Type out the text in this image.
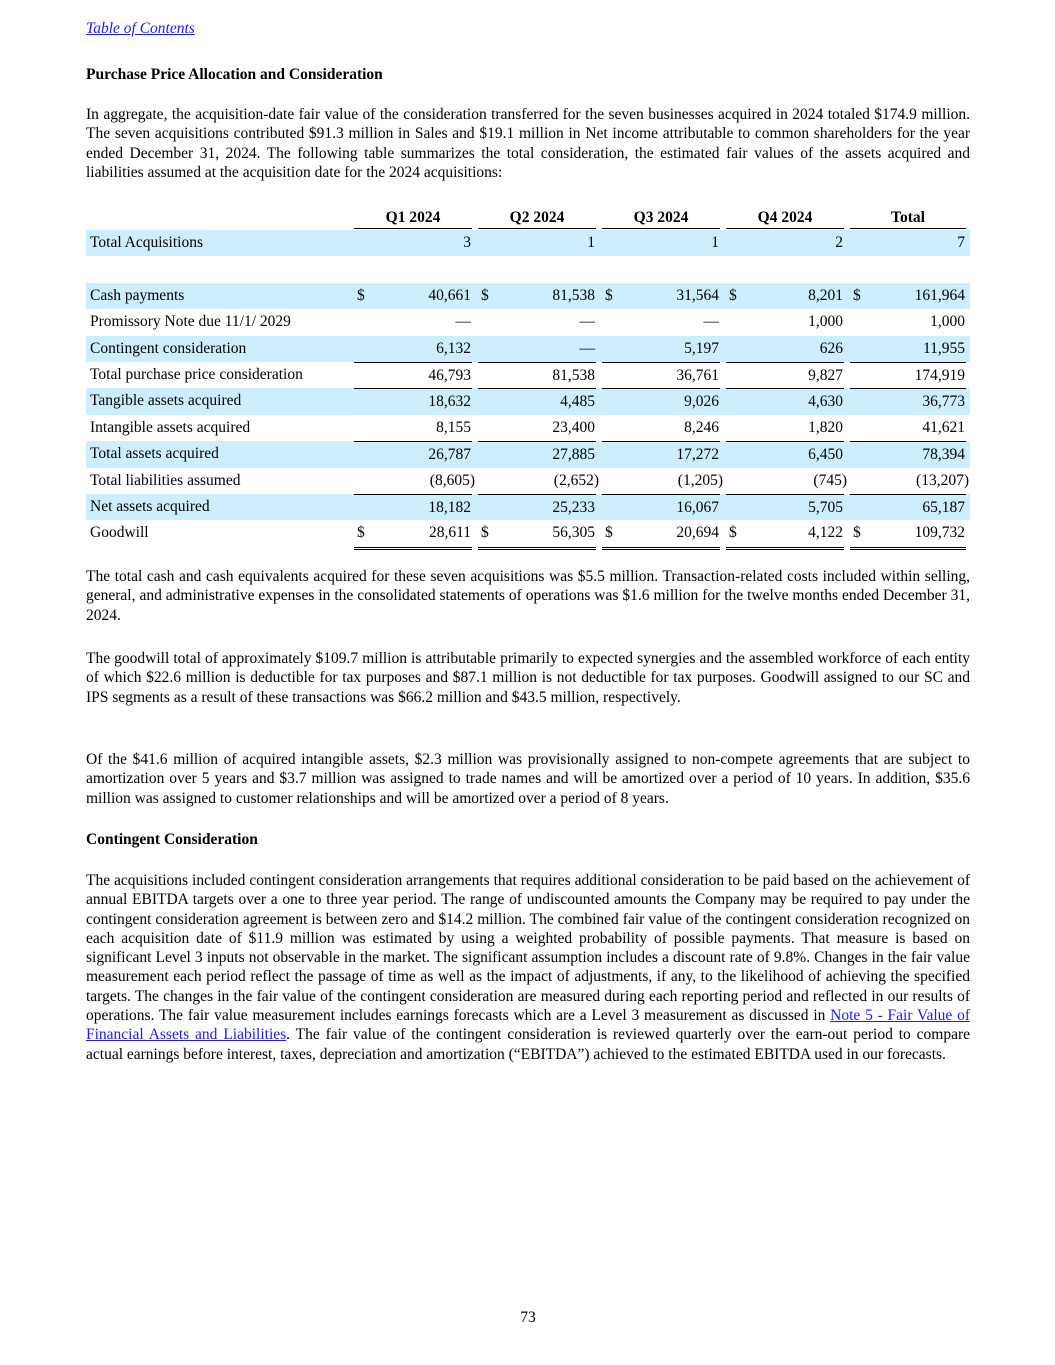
Table of Contents
Purchase Price Allocation and Consideration
In aggregate, the acquisition-date fair value of the consideration transferred for the seven businesses acquired in 2024 totaled $174.9 million. The seven acquisitions contributed $91.3 million in Sales and $19.1 million in Net income attributable to common shareholders for the year ended December 31, 2024. The following table summarizes the total consideration, the estimated fair values of the assets acquired and liabilities assumed at the acquisition date for the 2024 acquisitions:
Q1 2024	Q2 2024	Q3 2024	Q4 2024	Total
Total Acquisitions	3	1	1	2	7
Cash payments	$	40,661 $	81,538 $	31,564 $	8,201 $	161,964
Promissory Note due 11/1/ 2029	—	—	—	1,000	1,000
Contingent consideration	6,132	—	5,197	626	11,955
Total purchase price consideration	46,793	81,538	36,761	9,827	174,919
Tangible assets acquired	18,632	4,485	9,026	4,630	36,773
Intangible assets acquired	8,155	23,400	8,246	1,820	41,621
Total assets acquired	26,787	27,885	17,272	6,450	78,394
Total liabilities assumed	(8,605)	(2,652)	(1,205)	(745)	(13,207)
Net assets acquired	18,182	25,233	16,067	5,705	65,187
Goodwill	$	28,611 $	56,305 $	20,694 $	4,122 $	109,732
The total cash and cash equivalents acquired for these seven acquisitions was $5.5 million. Transaction-related costs included within selling, general, and administrative expenses in the consolidated statements of operations was $1.6 million for the twelve months ended December 31, 2024.
The goodwill total of approximately $109.7 million is attributable primarily to expected synergies and the assembled workforce of each entity of which $22.6 million is deductible for tax purposes and $87.1 million is not deductible for tax purposes. Goodwill assigned to our SC and IPS segments as a result of these transactions was $66.2 million and $43.5 million, respectively.
Of the $41.6 million of acquired intangible assets, $2.3 million was provisionally assigned to non-compete agreements that are subject to amortization over 5 years and $3.7 million was assigned to trade names and will be amortized over a period of 10 years. In addition, $35.6 million was assigned to customer relationships and will be amortized over a period of 8 years.
Contingent Consideration
The acquisitions included contingent consideration arrangements that requires additional consideration to be paid based on the achievement of annual EBITDA targets over a one to three year period. The range of undiscounted amounts the Company may be required to pay under the contingent consideration agreement is between zero and $14.2 million. The combined fair value of the contingent consideration recognized on each acquisition date of $11.9 million was estimated by using a weighted probability of possible payments. That measure is based on significant Level 3 inputs not observable in the market. The significant assumption includes a discount rate of 9.8%. Changes in the fair value measurement each period reflect the passage of time as well as the impact of adjustments, if any, to the likelihood of achieving the specified targets. The changes in the fair value of the contingent consideration are measured during each reporting period and reflected in our results of operations. The fair value measurement includes earnings forecasts which are a Level 3 measurement as discussed in Note 5 - Fair Value of Financial Assets and Liabilities. The fair value of the contingent consideration is reviewed quarterly over the earn-out period to compare actual earnings before interest, taxes, depreciation and amortization (“EBITDA”) achieved to the estimated EBITDA used in our forecasts.
73
